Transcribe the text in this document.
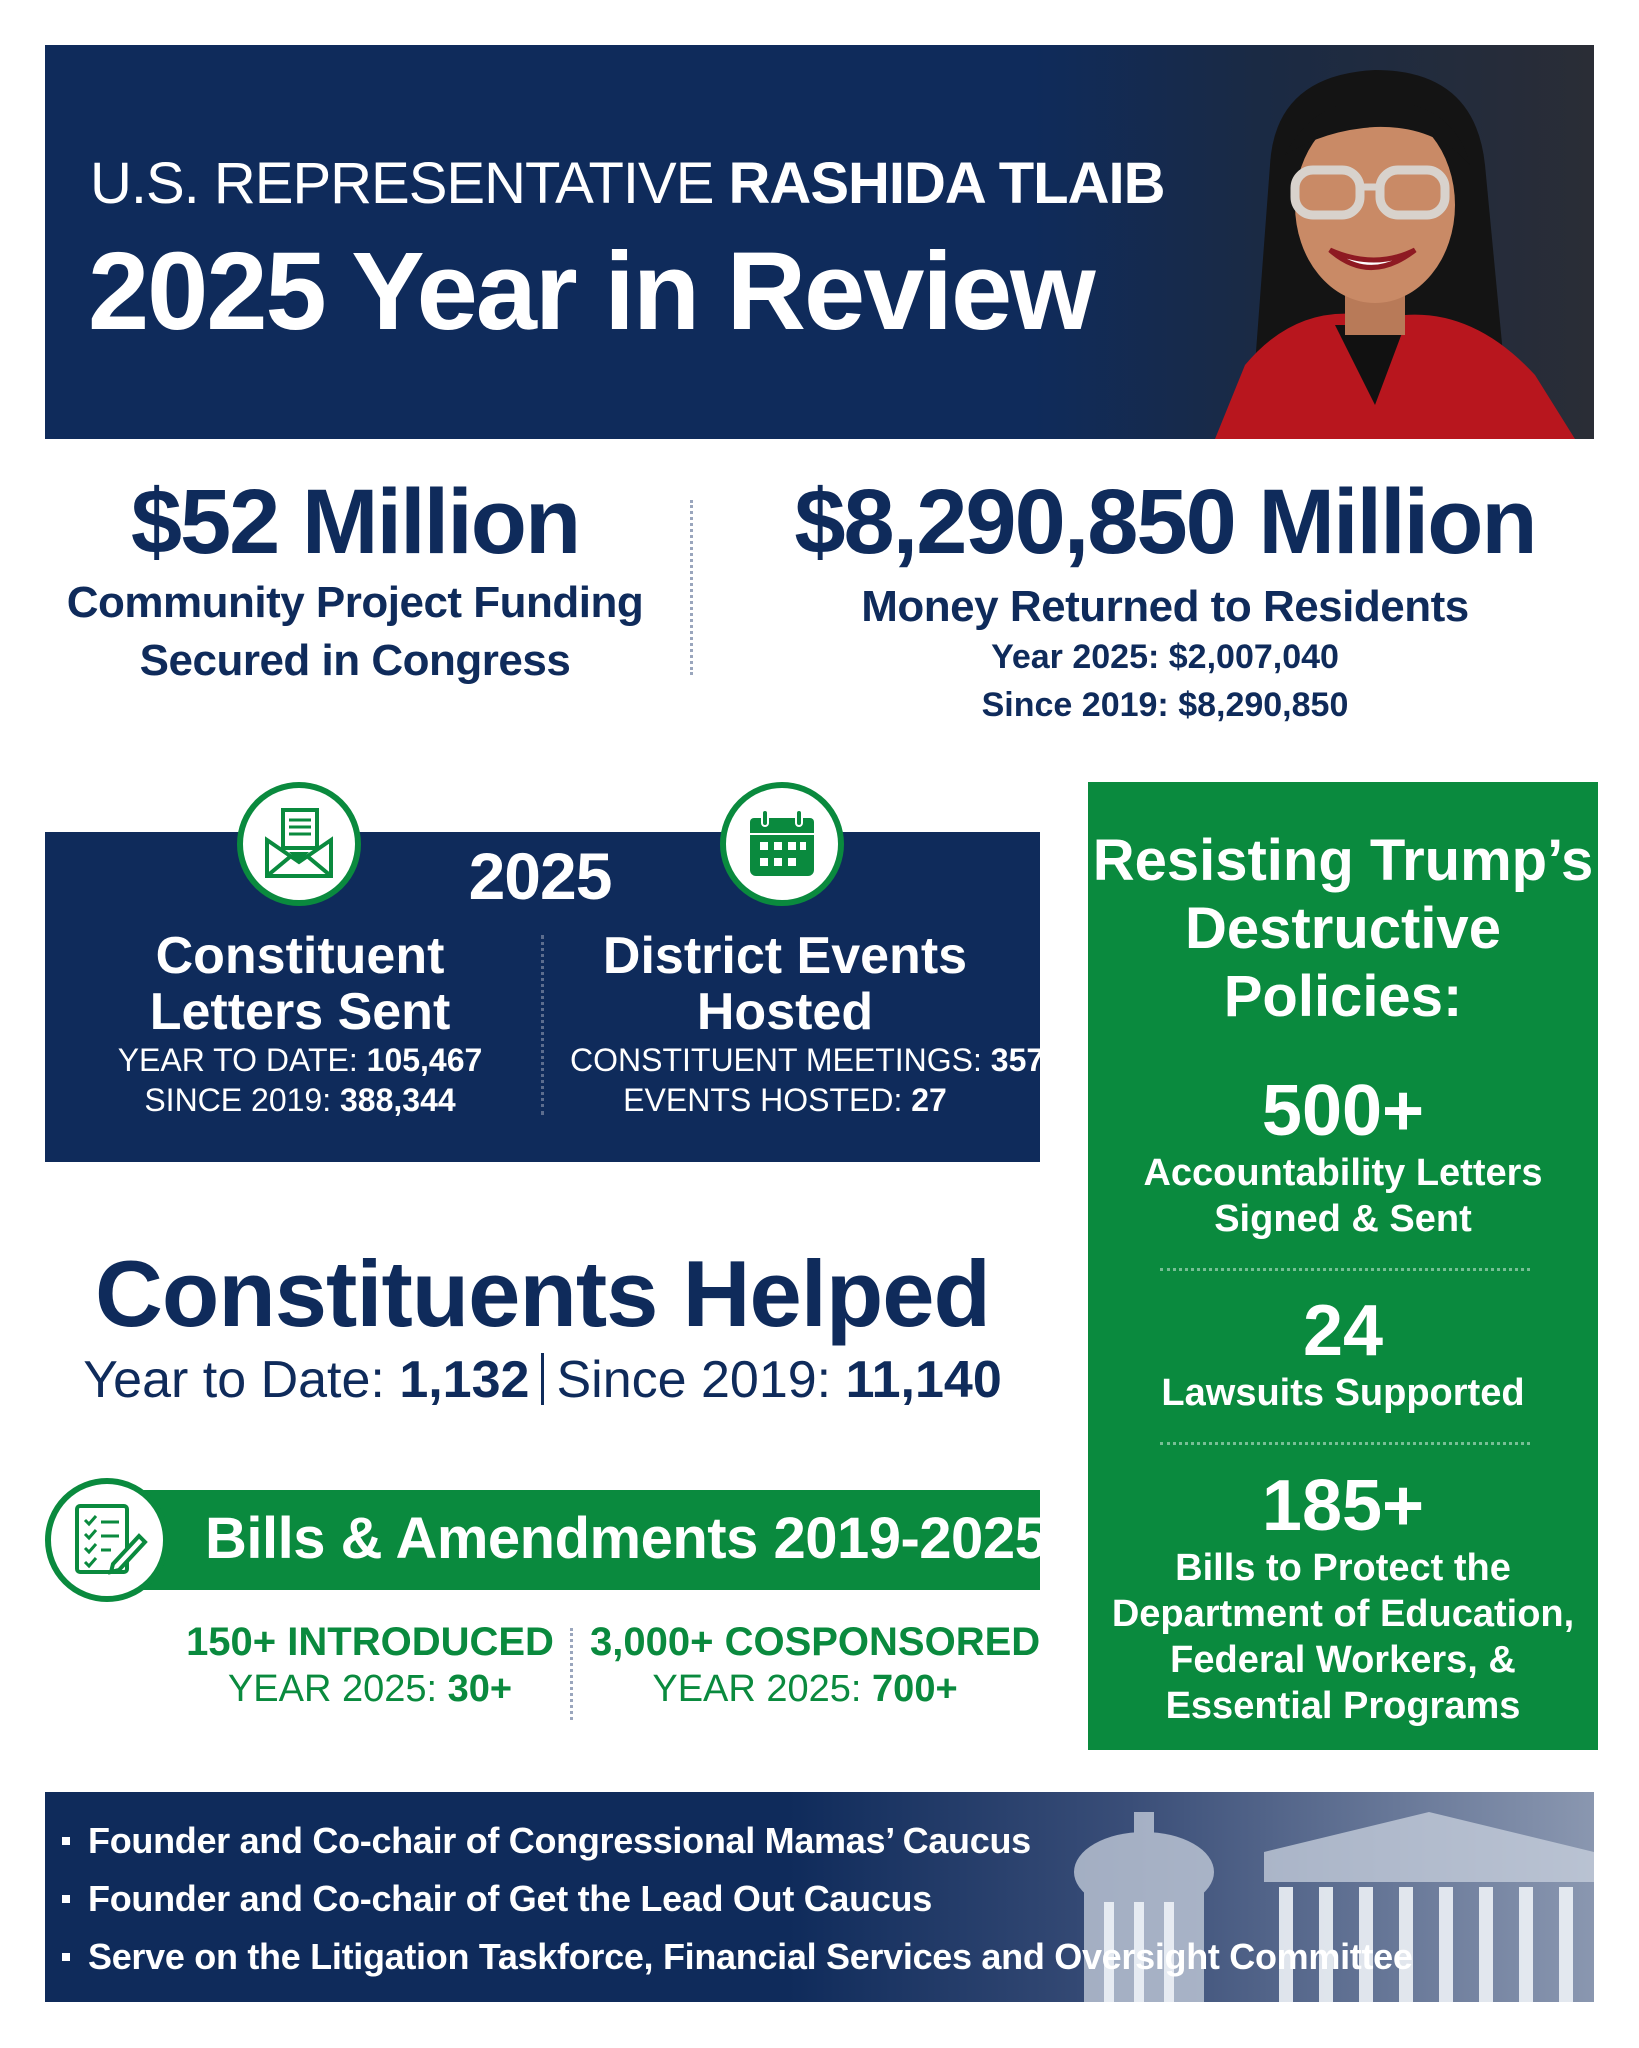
U.S. REPRESENTATIVE RASHIDA TLAIB
2025 Year in Review
$52 Million
Community Project Funding
Secured in Congress
$8,290,850 Million
Money Returned to Residents
Year 2025: $2,007,040
Since 2019: $8,290,850
2025
Constituent
Letters Sent
YEAR TO DATE: 105,467
SINCE 2019: 388,344
District Events
Hosted
CONSTITUENT MEETINGS: 357
EVENTS HOSTED: 27
Constituents Helped
Year to Date: 1,132 Since 2019: 11,140
Bills & Amendments 2019-2025
150+ INTRODUCED
YEAR 2025: 30+
3,000+ COSPONSORED
YEAR 2025: 700+
Resisting Trump’s
Destructive
Policies:
500+
Accountability Letters
Signed & Sent
24
Lawsuits Supported
185+
Bills to Protect the
Department of Education,
Federal Workers, &
Essential Programs
Founder and Co-chair of Congressional Mamas’ Caucus
Founder and Co-chair of Get the Lead Out Caucus
Serve on the Litigation Taskforce, Financial Services and Oversight Committee
